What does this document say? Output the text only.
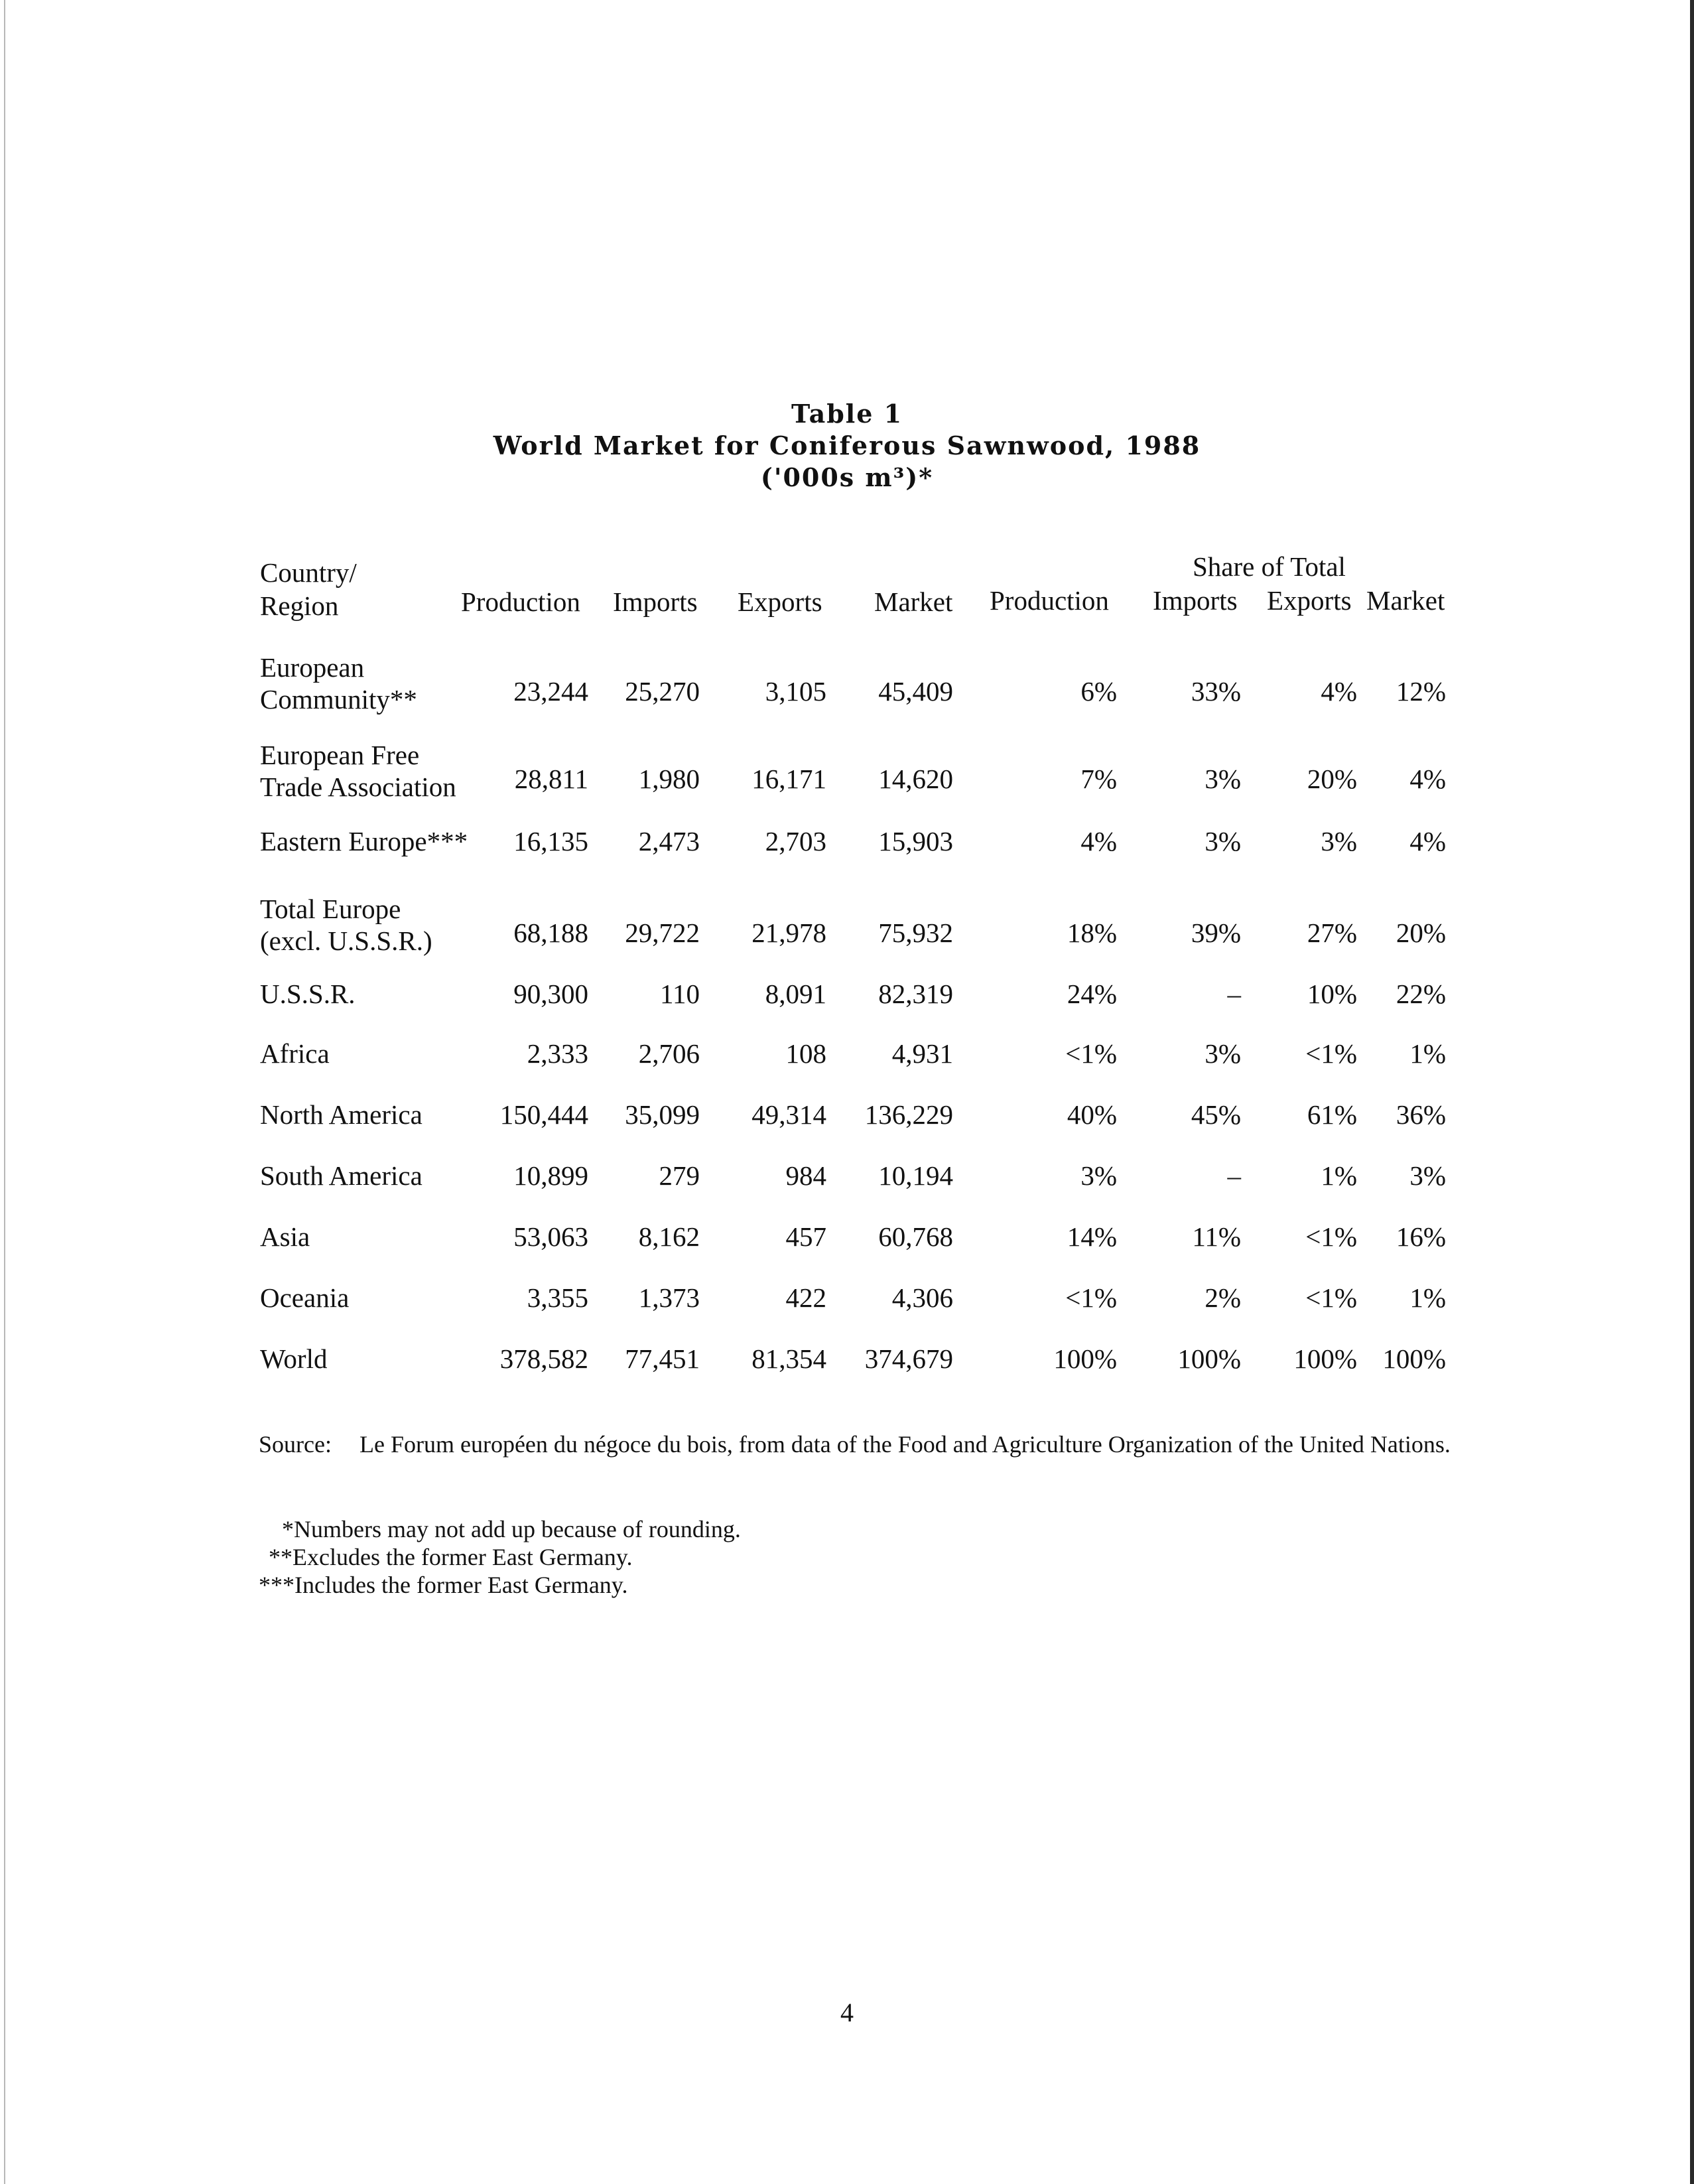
Table 1
World Market for Coniferous Sawnwood, 1988
('000s m³)*
Country/
Region	Production Imports Exports Market
Share of Total
Production Imports Exports Market
European
Community**	23,244 25,270 3,105 45,409	6%	33%	4% 12%
European Free
Trade Association	28,811 1,980 16,171 14,620	7%	3% 20% 4%
Eastern Europe***	16,135 2,473 2,703 15,903	4%	3%	3% 4%
Total Europe
(excl. U.S.S.R.)	68,188 29,722 21,978 75,932	18%	39% 27% 20%
U.S.S.R.	90,300	110 8,091 82,319	24%	– 10% 22%
Africa	2,333 2,706	108 4,931	<1%	3% <1% 1%
North America	150,444 35,099 49,314 136,229	40%	45% 61% 36%
South America	10,899	279	984 10,194	3%	–	1% 3%
Asia	53,063 8,162	457 60,768	14%	11% <1% 16%
Oceania	3,355 1,373	422 4,306	<1%	2% <1% 1%
World	378,582 77,451 81,354 374,679	100% 100% 100% 100%
Source: Le Forum européen du négoce du bois, from data of the Food and Agriculture Organization of the United Nations.
*Numbers may not add up because of rounding.
**Excludes the former East Germany.
***Includes the former East Germany.
4
